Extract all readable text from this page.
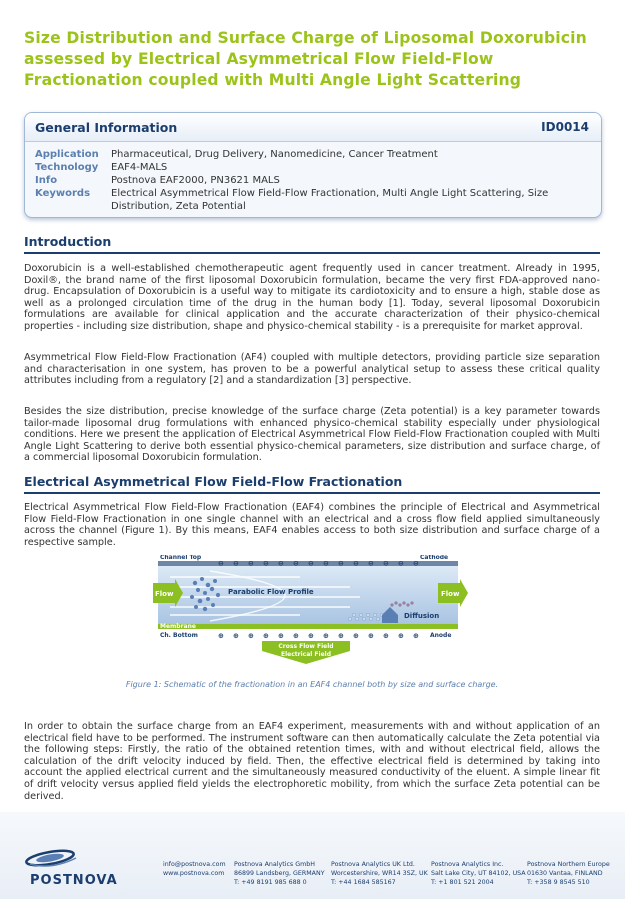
Size Distribution and Surface Charge of Liposomal Doxorubicin assessed by Electrical Asymmetrical Flow Field-Flow Fractionation coupled with Multi Angle Light Scattering
General Information	ID0014
Application	Pharmaceutical, Drug Delivery, Nanomedicine, Cancer Treatment
Technology	EAF4-MALS
Info	Postnova EAF2000, PN3621 MALS
Keywords	Electrical Asymmetrical Flow Field-Flow Fractionation, Multi Angle Light Scattering, Size Distribution, Zeta Potential
Introduction
Doxorubicin is a well-established chemotherapeutic agent frequently used in cancer treatment. Already in 1995, Doxil®, the brand name of the first liposomal Doxorubicin formulation, became the very first FDA-approved nano-drug. Encapsulation of Doxorubicin is a useful way to mitigate its cardiotoxicity and to ensure a high, stable dose as well as a prolonged circulation time of the drug in the human body [1]. Today, several liposomal Doxorubicin formulations are available for clinical application and the accurate characterization of their physico-chemical properties - including size distribution, shape and physico-chemical stability - is a prerequisite for market approval.
Asymmetrical Flow Field-Flow Fractionation (AF4) coupled with multiple detectors, providing particle size separation and characterisation in one system, has proven to be a powerful analytical setup to assess these critical quality attributes including from a regulatory [2] and a standardization [3] perspective.
Besides the size distribution, precise knowledge of the surface charge (Zeta potential) is a key parameter towards tailor-made liposomal drug formulations with enhanced physico-chemical stability especially under physiological conditions. Here we present the application of Electrical Asymmetrical Flow Field-Flow Fractionation coupled with Multi Angle Light Scattering to derive both essential physico-chemical parameters, size distribution and surface charge, of a commercial liposomal Doxorubicin formulation.
Electrical Asymmetrical Flow Field-Flow Fractionation
Electrical Asymmetrical Flow Field-Flow Fractionation (EAF4) combines the principle of Electrical and Asymmetrical Flow Field-Flow Fractionation in one single channel with an electrical and a cross flow field applied simultaneously across the channel (Figure 1). By this means, EAF4 enables access to both size distribution and surface charge of a respective sample.
Channel Top	Cathode
⊖ ⊖ ⊖ ⊖ ⊖ ⊖ ⊖ ⊖ ⊖ ⊖ ⊖ ⊖ ⊖ ⊖
Flow	Flow
Parabolic Flow Profile
Diffusion
Membrane
Ch. Bottom	Anode
⊕ ⊕ ⊕ ⊕ ⊕ ⊕ ⊕ ⊕ ⊕ ⊕ ⊕ ⊕ ⊕ ⊕
Cross Flow Field
Electrical Field
Figure 1: Schematic of the fractionation in an EAF4 channel both by size and surface charge.
In order to obtain the surface charge from an EAF4 experiment, measurements with and without application of an electrical field have to be performed. The instrument software can then automatically calculate the Zeta potential via the following steps: Firstly, the ratio of the obtained retention times, with and without electrical field, allows the calculation of the drift velocity induced by field. Then, the effective electrical field is determined by taking into account the applied electrical current and the simultaneously measured conductivity of the eluent. A simple linear fit of drift velocity versus applied field yields the electrophoretic mobility, from which the surface Zeta potential can be derived.
POSTNOVA
info@postnova.com
www.postnova.com
Postnova Analytics GmbH
86899 Landsberg, GERMANY
T: +49 8191 985 688 0
Postnova Analytics UK Ltd.
Worcestershire, WR14 3SZ, UK
T: +44 1684 585167
Postnova Analytics Inc.
Salt Lake City, UT 84102, USA
T: +1 801 521 2004
Postnova Northern Europe
01630 Vantaa, FINLAND
T: +358 9 8545 510
